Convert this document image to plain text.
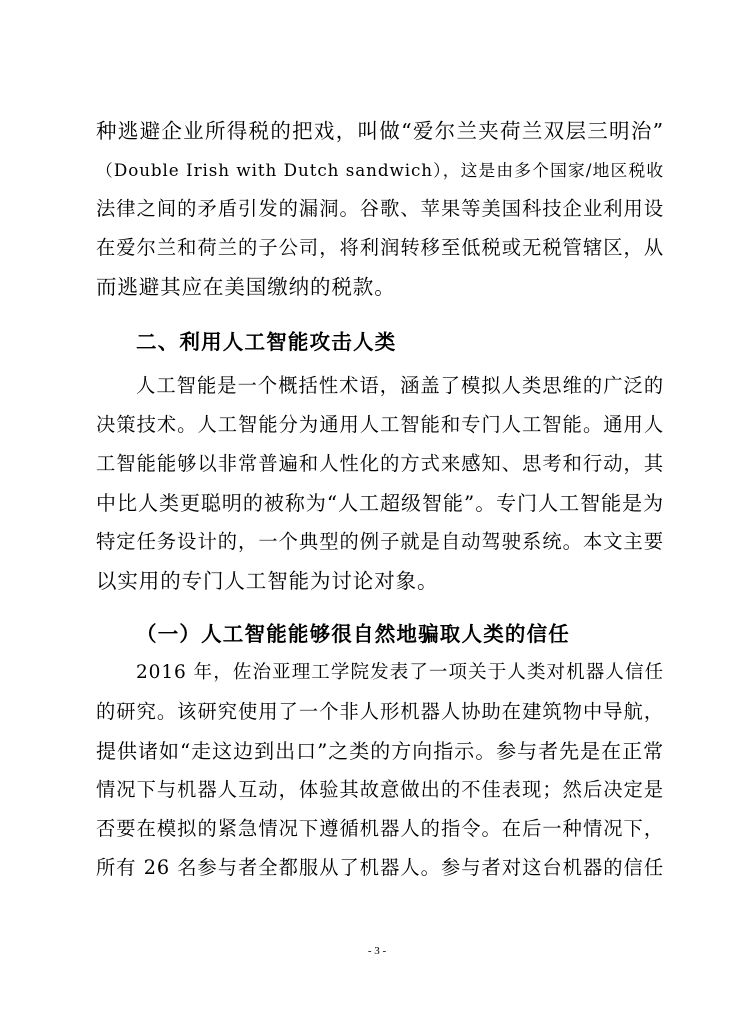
种逃避企业所得税的把戏，叫做“爱尔兰夹荷兰双层三明治”
（Double Irish with Dutch sandwich），这是由多个国家/地区税收
法律之间的矛盾引发的漏洞。谷歌、苹果等美国科技企业利用设
在爱尔兰和荷兰的子公司，将利润转移至低税或无税管辖区，从
而逃避其应在美国缴纳的税款。
二、利用人工智能攻击人类
人工智能是一个概括性术语，涵盖了模拟人类思维的广泛的
决策技术。人工智能分为通用人工智能和专门人工智能。通用人
工智能能够以非常普遍和人性化的方式来感知、思考和行动，其
中比人类更聪明的被称为“人工超级智能”。专门人工智能是为
特定任务设计的，一个典型的例子就是自动驾驶系统。本文主要
以实用的专门人工智能为讨论对象。
（一）人工智能能够很自然地骗取人类的信任
2016 年，佐治亚理工学院发表了一项关于人类对机器人信任
的研究。该研究使用了一个非人形机器人协助在建筑物中导航，
提供诸如“走这边到出口”之类的方向指示。参与者先是在正常
情况下与机器人互动，体验其故意做出的不佳表现；然后决定是
否要在模拟的紧急情况下遵循机器人的指令。在后一种情况下，
所有 26 名参与者全都服从了机器人。参与者对这台机器的信任
- 3 -
